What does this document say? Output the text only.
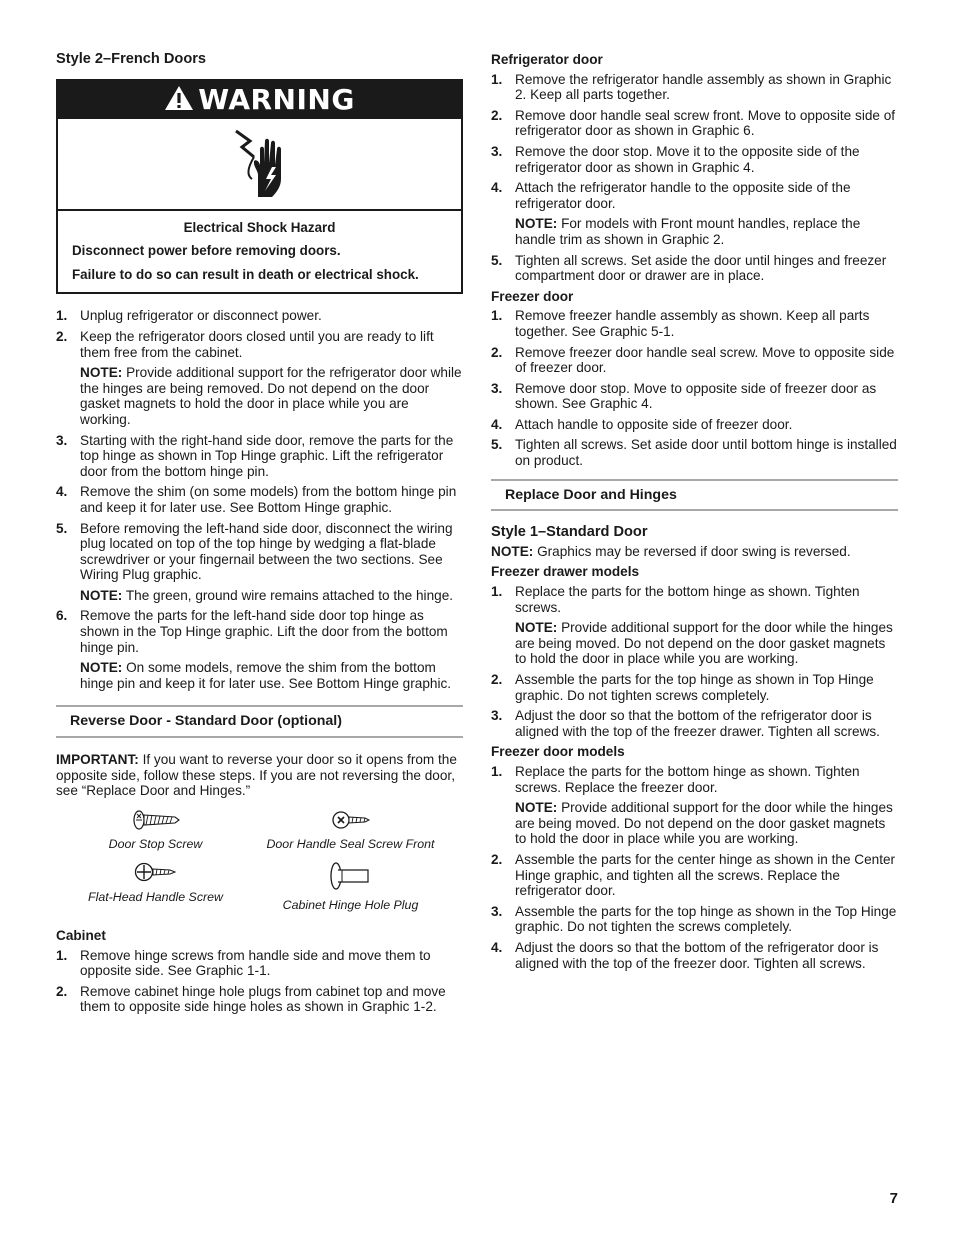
Style 2–French Doors
WARNING
Electrical Shock Hazard
Disconnect power before removing doors.
Failure to do so can result in death or electrical shock.
1. Unplug refrigerator or disconnect power.
2. Keep the refrigerator doors closed until you are ready to lift them free from the cabinet.
NOTE: Provide additional support for the refrigerator door while the hinges are being removed. Do not depend on the door gasket magnets to hold the door in place while you are working.
3. Starting with the right-hand side door, remove the parts for the top hinge as shown in Top Hinge graphic. Lift the refrigerator door from the bottom hinge pin.
4. Remove the shim (on some models) from the bottom hinge pin and keep it for later use. See Bottom Hinge graphic.
5. Before removing the left-hand side door, disconnect the wiring plug located on top of the top hinge by wedging a flat-blade screwdriver or your fingernail between the two sections. See Wiring Plug graphic.
NOTE: The green, ground wire remains attached to the hinge.
6. Remove the parts for the left-hand side door top hinge as shown in the Top Hinge graphic. Lift the door from the bottom hinge pin.
NOTE: On some models, remove the shim from the bottom hinge pin and keep it for later use. See Bottom Hinge graphic.
Reverse Door - Standard Door (optional)
IMPORTANT: If you want to reverse your door so it opens from the opposite side, follow these steps. If you are not reversing the door, see “Replace Door and Hinges.”
Door Stop Screw	Door Handle Seal Screw Front
Flat-Head Handle Screw
Cabinet Hinge Hole Plug
Cabinet
1. Remove hinge screws from handle side and move them to opposite side. See Graphic 1-1.
2. Remove cabinet hinge hole plugs from cabinet top and move them to opposite side hinge holes as shown in Graphic 1-2.
Refrigerator door
1. Remove the refrigerator handle assembly as shown in Graphic 2. Keep all parts together.
2. Remove door handle seal screw front. Move to opposite side of refrigerator door as shown in Graphic 6.
3. Remove the door stop. Move it to the opposite side of the refrigerator door as shown in Graphic 4.
4. Attach the refrigerator handle to the opposite side of the refrigerator door.
NOTE: For models with Front mount handles, replace the handle trim as shown in Graphic 2.
5. Tighten all screws. Set aside the door until hinges and freezer compartment door or drawer are in place.
Freezer door
1. Remove freezer handle assembly as shown. Keep all parts together. See Graphic 5-1.
2. Remove freezer door handle seal screw. Move to opposite side of freezer door.
3. Remove door stop. Move to opposite side of freezer door as shown. See Graphic 4.
4. Attach handle to opposite side of freezer door.
5. Tighten all screws. Set aside door until bottom hinge is installed on product.
Replace Door and Hinges
Style 1–Standard Door
NOTE: Graphics may be reversed if door swing is reversed.
Freezer drawer models
1. Replace the parts for the bottom hinge as shown. Tighten screws.
NOTE: Provide additional support for the door while the hinges are being moved. Do not depend on the door gasket magnets to hold the door in place while you are working.
2. Assemble the parts for the top hinge as shown in Top Hinge graphic. Do not tighten screws completely.
3. Adjust the door so that the bottom of the refrigerator door is aligned with the top of the freezer drawer. Tighten all screws.
Freezer door models
1. Replace the parts for the bottom hinge as shown. Tighten screws. Replace the freezer door.
NOTE: Provide additional support for the door while the hinges are being moved. Do not depend on the door gasket magnets to hold the door in place while you are working.
2. Assemble the parts for the center hinge as shown in the Center Hinge graphic, and tighten all the screws. Replace the refrigerator door.
3. Assemble the parts for the top hinge as shown in the Top Hinge graphic. Do not tighten the screws completely.
4. Adjust the doors so that the bottom of the refrigerator door is aligned with the top of the freezer door. Tighten all screws.
7
